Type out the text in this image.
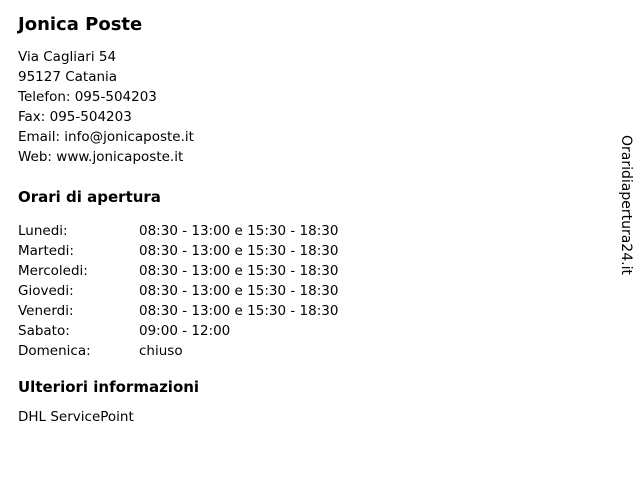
Jonica Poste
Via Cagliari 54
95127 Catania
Telefon: 095-504203
Fax: 095-504203
Email: info@jonicaposte.it
Web: www.jonicaposte.it
Orari di apertura
Lunedi:	08:30 - 13:00 e 15:30 - 18:30
Martedi:	08:30 - 13:00 e 15:30 - 18:30
Mercoledi:	08:30 - 13:00 e 15:30 - 18:30
Giovedi:	08:30 - 13:00 e 15:30 - 18:30
Venerdi:	08:30 - 13:00 e 15:30 - 18:30
Sabato:	09:00 - 12:00
Domenica:	chiuso
Ulteriori informazioni
DHL ServicePoint
Oraridiapertura24.it
